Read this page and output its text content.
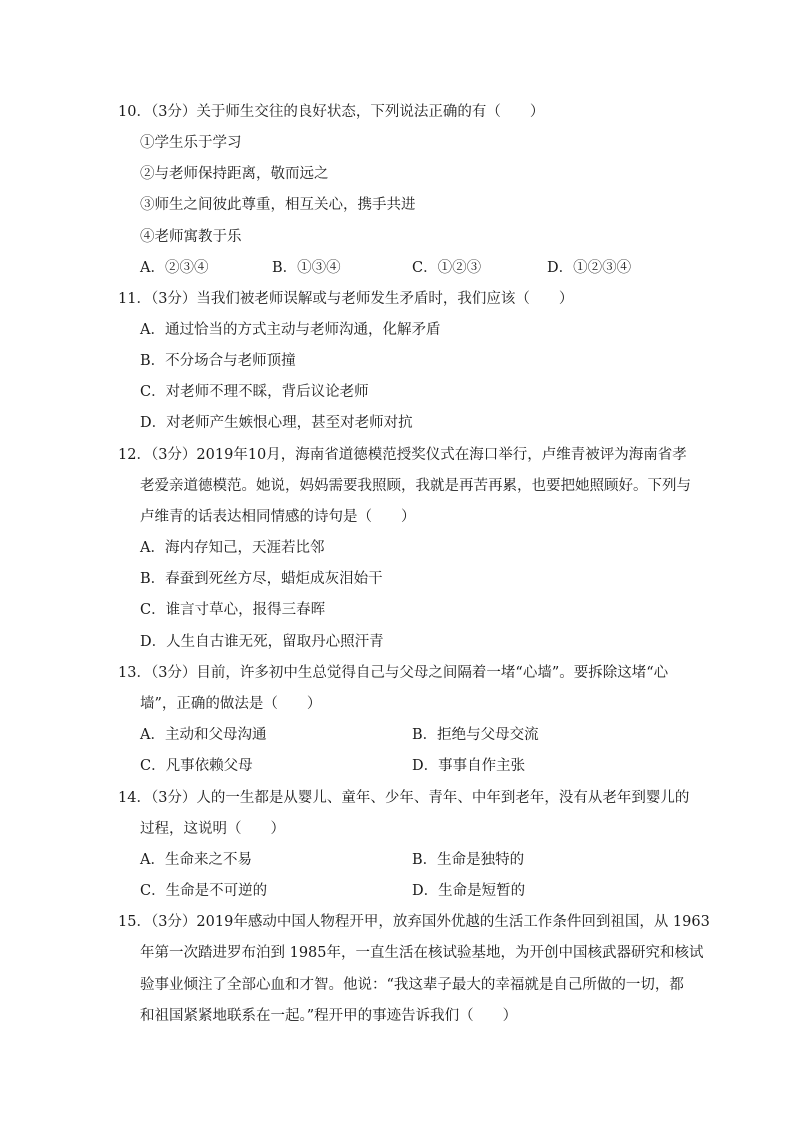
10．（3分）关于师生交往的良好状态，下列说法正确的有（　　）
①学生乐于学习
②与老师保持距离，敬而远之
③师生之间彼此尊重，相互关心，携手共进
④老师寓教于乐
A．②③④	B．①③④	C．①②③	D．①②③④
11．（3分）当我们被老师误解或与老师发生矛盾时，我们应该（　　）
A．通过恰当的方式主动与老师沟通，化解矛盾
B．不分场合与老师顶撞
C．对老师不理不睬，背后议论老师
D．对老师产生嫉恨心理，甚至对老师对抗
12．（3分）2019年10月，海南省道德模范授奖仪式在海口举行，卢维青被评为海南省孝
老爱亲道德模范。她说，妈妈需要我照顾，我就是再苦再累，也要把她照顾好。下列与
卢维青的话表达相同情感的诗句是（　　）
A．海内存知己，天涯若比邻
B．春蚕到死丝方尽，蜡炬成灰泪始干
C．谁言寸草心，报得三春晖
D．人生自古谁无死，留取丹心照汗青
13．（3分）目前，许多初中生总觉得自己与父母之间隔着一堵“心墙”。要拆除这堵“心
墙”，正确的做法是（　　）
A．主动和父母沟通	B．拒绝与父母交流
C．凡事依赖父母	D．事事自作主张
14．（3分）人的一生都是从婴儿、童年、少年、青年、中年到老年，没有从老年到婴儿的
过程，这说明（　　）
A．生命来之不易	B．生命是独特的
C．生命是不可逆的	D．生命是短暂的
15．（3分）2019年感动中国人物程开甲，放弃国外优越的生活工作条件回到祖国，从 1963
年第一次踏进罗布泊到 1985年，一直生活在核试验基地，为开创中国核武器研究和核试
验事业倾注了全部心血和才智。他说：“我这辈子最大的幸福就是自己所做的一切，都
和祖国紧紧地联系在一起。”程开甲的事迹告诉我们（　　）
